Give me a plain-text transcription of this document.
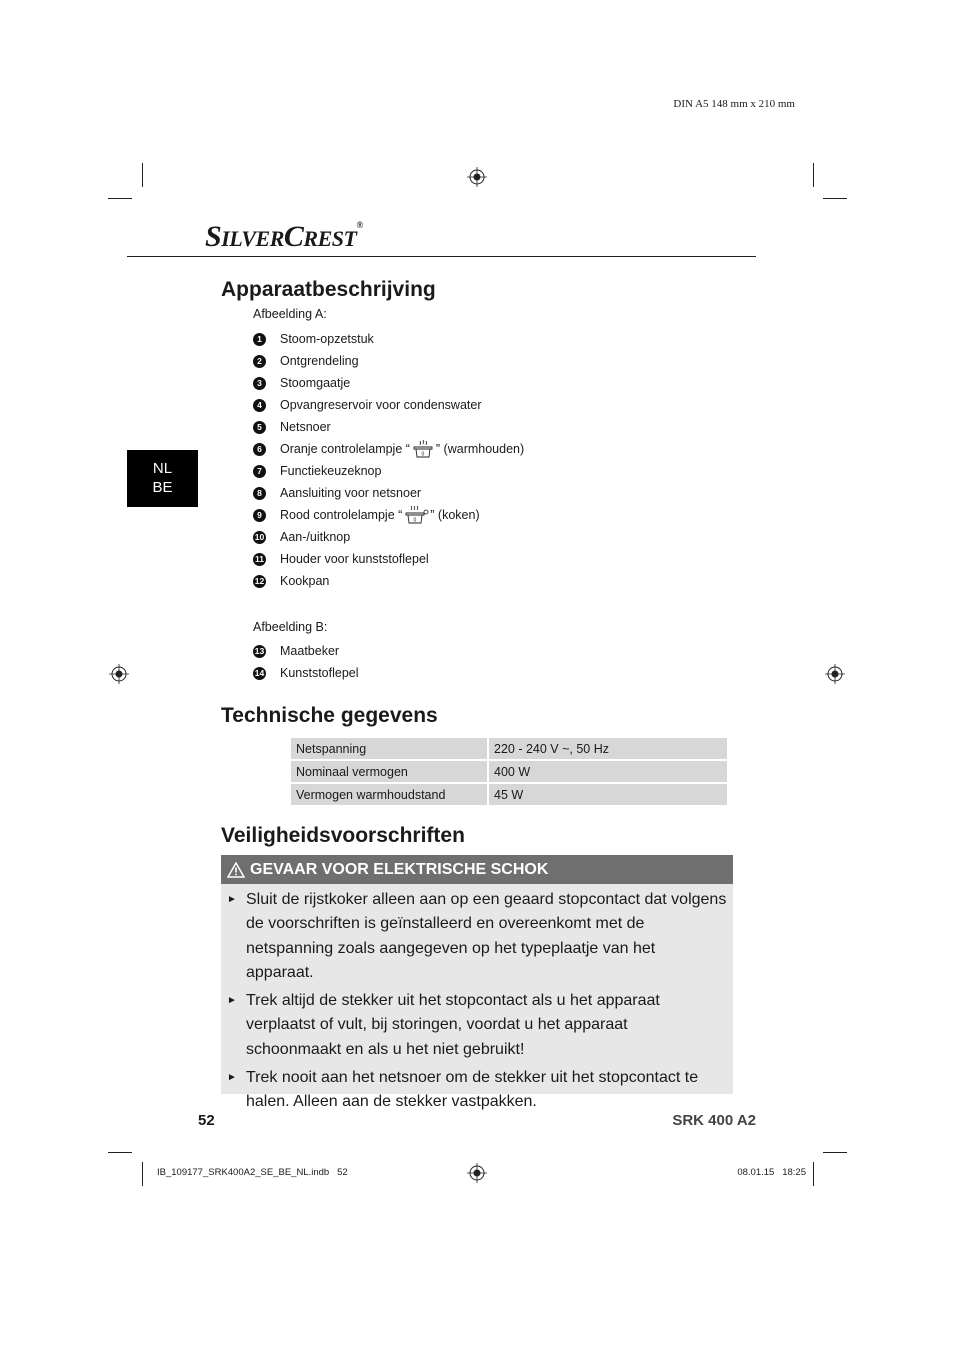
DIN A5 148 mm x 210 mm
SILVERCREST®
NL
BE
Apparaatbeschrijving
Afbeelding A:
1	Stoom-opzetstuk
2	Ontgrendeling
3	Stoomgaatje
4	Opvangreservoir voor condenswater
5	Netsnoer
6	Oranje controlelampje “ 0 ” (warmhouden)
7	Functiekeuzeknop
8	Aansluiting voor netsnoer
9	Rood controlelampje “ 0 ” (koken)
10 Aan-/uitknop
11 Houder voor kunststoflepel
12 Kookpan
Afbeelding B:
13 Maatbeker
14 Kunststoflepel
Technische gegevens
Netspanning	220 - 240 V ~, 50 Hz
Nominaal vermogen	400 W
Vermogen warmhoudstand	45 W
Veiligheidsvoorschriften
GEVAAR VOOR ELEKTRISCHE SCHOK
► Sluit de rijstkoker alleen aan op een geaard stopcontact dat volgens de voorschriften is geïnstalleerd en overeenkomt met de netspanning zoals aangegeven op het typeplaatje van het apparaat.
► Trek altijd de stekker uit het stopcontact als u het apparaat verplaatst of vult, bij storingen, voordat u het apparaat schoonmaakt en als u het niet gebruikt!
► Trek nooit aan het netsnoer om de stekker uit het stopcontact te halen. Alleen aan de stekker vastpakken.
52	SRK 400 A2
IB_109177_SRK400A2_SE_BE_NL.indb   52	08.01.15   18:25
